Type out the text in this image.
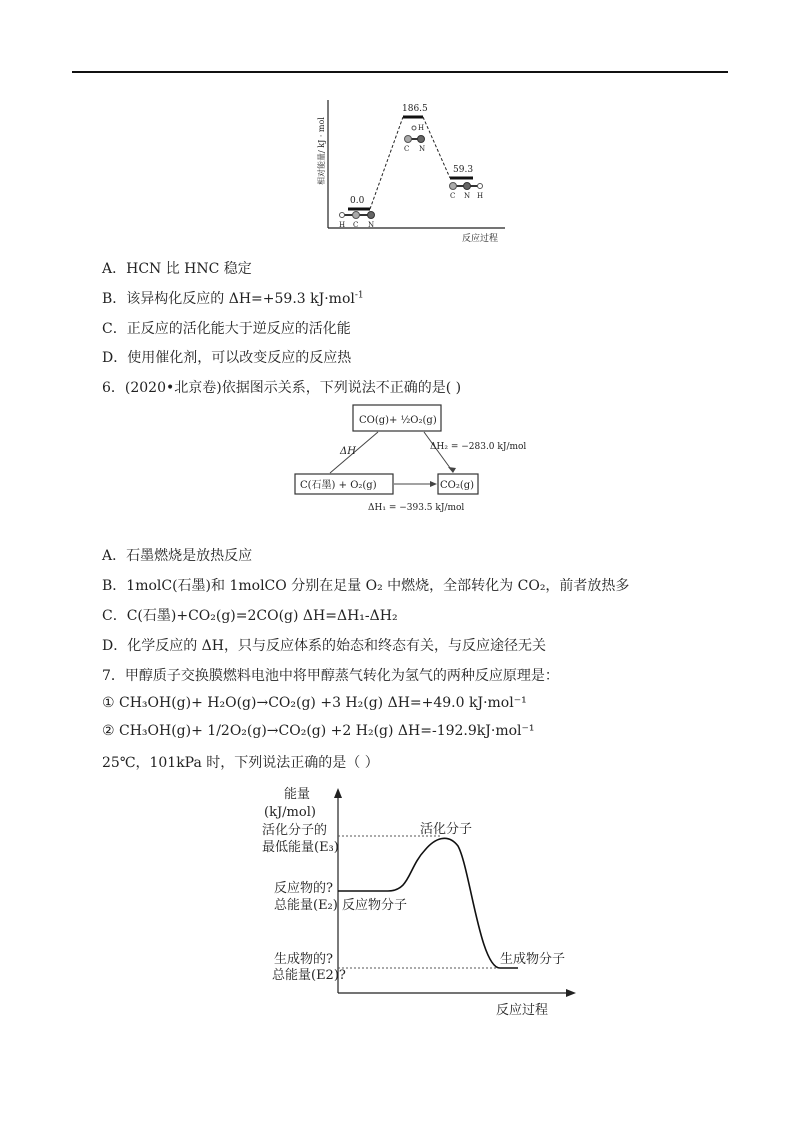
相对能量/ kJ · mol
0.0
186.5
59.3
H C N
C N
H
C N H
反应过程
A．HCN 比 HNC 稳定
B．该异构化反应的 ΔH=+59.3 kJ·mol$^{-1}$
C．正反应的活化能大于逆反应的活化能
D．使用催化剂，可以改变反应的反应热
6．(2020•北京卷)依据图示关系，下列说法不正确的是( )
CO(g)+ ½O₂(g)
C(石墨) + O₂(g)	CO₂(g)
ΔH	ΔH₂ = −283.0 kJ/mol
ΔH₁ = −393.5 kJ/mol
A．石墨燃烧是放热反应
B．1molC(石墨)和 1molCO 分别在足量 O₂ 中燃烧，全部转化为 CO₂，前者放热多
C．C(石墨)+CO₂(g)=2CO(g) ΔH=ΔH₁-ΔH₂
D．化学反应的 ΔH，只与反应体系的始态和终态有关，与反应途径无关
7．甲醇质子交换膜燃料电池中将甲醇蒸气转化为氢气的两种反应原理是：
① CH₃OH(g)+ H₂O(g)→CO₂(g) +3 H₂(g) ΔH=+49.0 kJ·mol⁻¹
② CH₃OH(g)+ 1/2O₂(g)→CO₂(g) +2 H₂(g) ΔH=-192.9kJ·mol⁻¹
25℃，101kPa 时，下列说法正确的是（ ）
能量
(kJ/mol)
活化分子的
最低能量(E₃)
反应物的?
总能量(E₂)
生成物的?
总能量(E2)?
活化分子
反应物分子
生成物分子
反应过程
